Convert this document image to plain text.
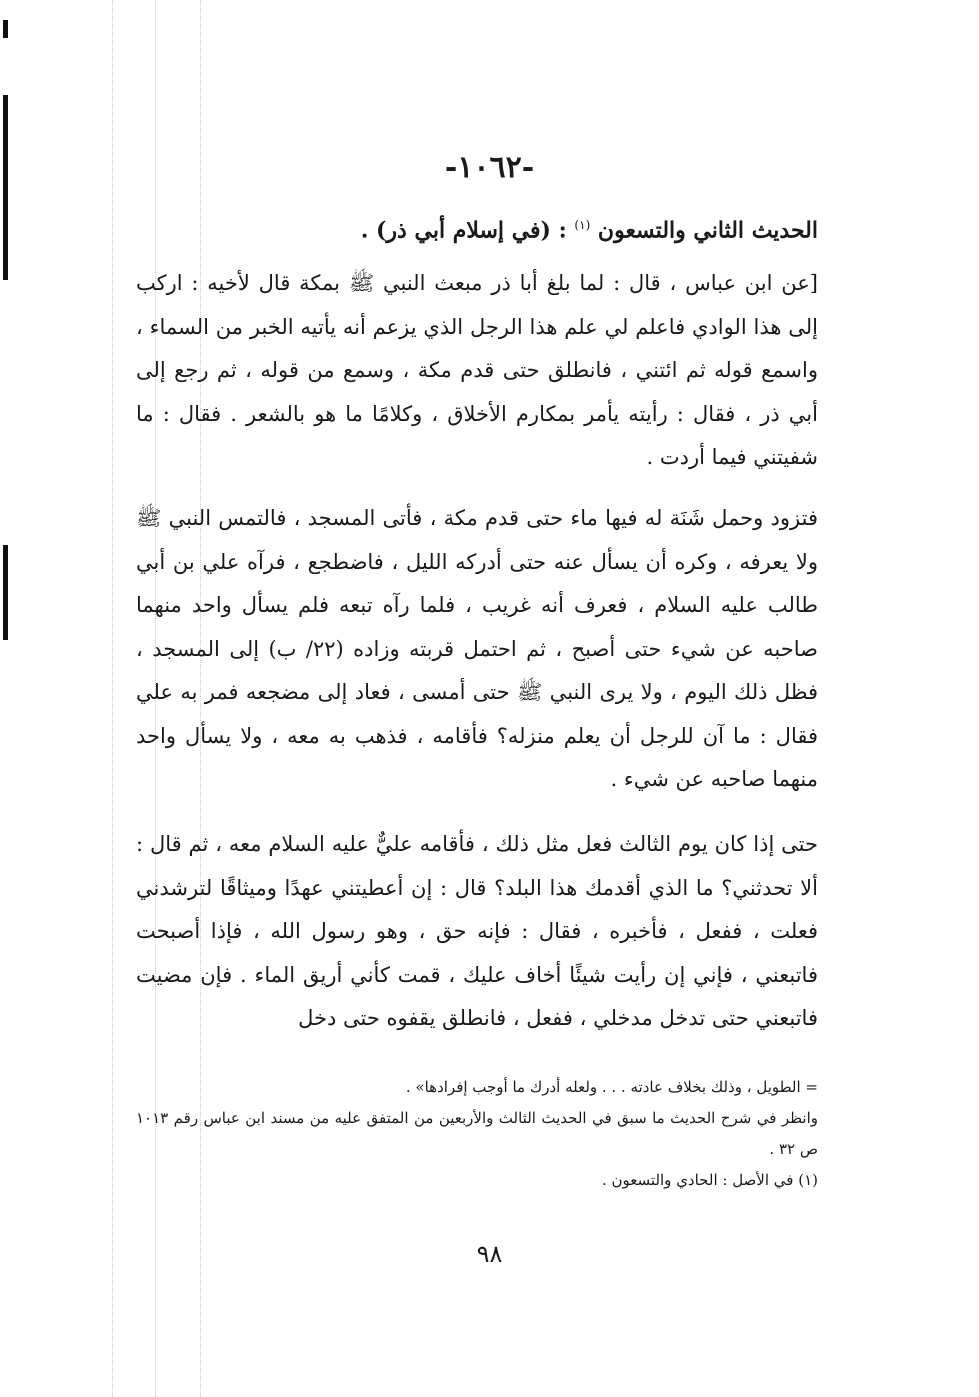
-١٠٦٢-
الحديث الثاني والتسعون $^{(١)}$ : (في إسلام أبي ذر) .
[عن ابن عباس ، قال : لما بلغ أبا ذر مبعث النبي ﷺ بمكة قال لأخيه : اركب إلى هذا الوادي فاعلم لي علم هذا الرجل الذي يزعم أنه يأتيه الخبر من السماء ، واسمع قوله ثم ائتني ، فانطلق حتى قدم مكة ، وسمع من قوله ، ثم رجع إلى أبي ذر ، فقال : رأيته يأمر بمكارم الأخلاق ، وكلامًا ما هو بالشعر . فقال : ما شفيتني فيما أردت .
فتزود وحمل شَنَة له فيها ماء حتى قدم مكة ، فأتى المسجد ، فالتمس النبي ﷺ ولا يعرفه ، وكره أن يسأل عنه حتى أدركه الليل ، فاضطجع ، فرآه علي بن أبي طالب عليه السلام ، فعرف أنه غريب ، فلما رآه تبعه فلم يسأل واحد منهما صاحبه عن شيء حتى أصبح ، ثم احتمل قربته وزاده (٢٢/ ب) إلى المسجد ، فظل ذلك اليوم ، ولا يرى النبي ﷺ حتى أمسى ، فعاد إلى مضجعه فمر به علي فقال : ما آن للرجل أن يعلم منزله؟ فأقامه ، فذهب به معه ، ولا يسأل واحد منهما صاحبه عن شيء .
حتى إذا كان يوم الثالث فعل مثل ذلك ، فأقامه عليٌّ عليه السلام معه ، ثم قال : ألا تحدثني؟ ما الذي أقدمك هذا البلد؟ قال : إن أعطيتني عهدًا وميثاقًا لترشدني فعلت ، ففعل ، فأخبره ، فقال : فإنه حق ، وهو رسول الله ، فإذا أصبحت فاتبعني ، فإني إن رأيت شيئًا أخاف عليك ، قمت كأني أريق الماء . فإن مضيت فاتبعني حتى تدخل مدخلي ، ففعل ، فانطلق يقفوه حتى دخل
= الطويل ، وذلك بخلاف عادته . . . ولعله أدرك ما أوجب إفرادها» .
وانظر في شرح الحديث ما سبق في الحديث الثالث والأربعين من المتفق عليه من مسند ابن عباس رقم ١٠١٣ ص ٣٢ .
(١) في الأصل : الحادي والتسعون .
٩٨
